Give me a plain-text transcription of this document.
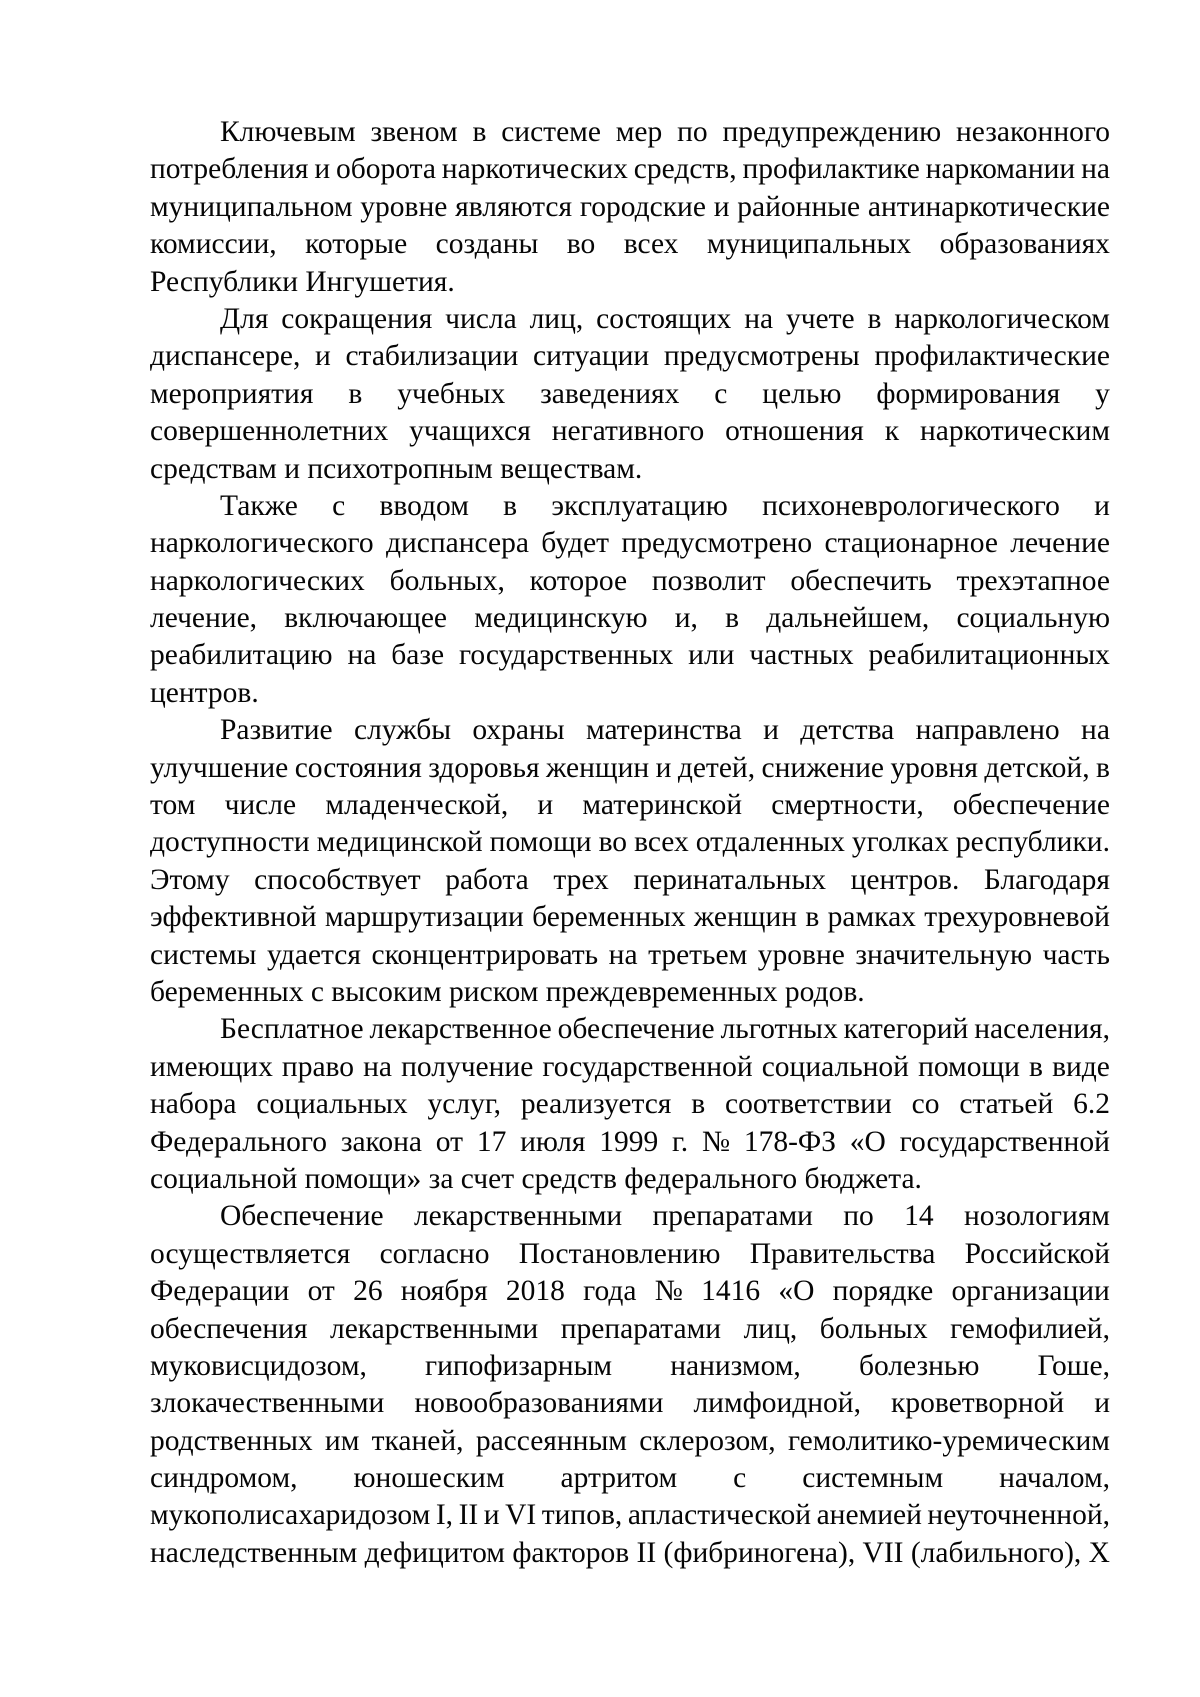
Ключевым звеном в системе мер по предупреждению незаконного
потребления и оборота наркотических средств, профилактике наркомании на
муниципальном уровне являются городские и районные антинаркотические
комиссии, которые созданы во всех муниципальных образованиях
Республики Ингушетия.
Для сокращения числа лиц, состоящих на учете в наркологическом
диспансере, и стабилизации ситуации предусмотрены профилактические
мероприятия в учебных заведениях с целью формирования у
совершеннолетних учащихся негативного отношения к наркотическим
средствам и психотропным веществам.
Также с вводом в эксплуатацию психоневрологического и
наркологического диспансера будет предусмотрено стационарное лечение
наркологических больных, которое позволит обеспечить трехэтапное
лечение, включающее медицинскую и, в дальнейшем, социальную
реабилитацию на базе государственных или частных реабилитационных
центров.
Развитие службы охраны материнства и детства направлено на
улучшение состояния здоровья женщин и детей, снижение уровня детской, в
том числе младенческой, и материнской смертности, обеспечение
доступности медицинской помощи во всех отдаленных уголках республики.
Этому способствует работа трех перинатальных центров. Благодаря
эффективной маршрутизации беременных женщин в рамках трехуровневой
системы удается сконцентрировать на третьем уровне значительную часть
беременных с высоким риском преждевременных родов.
Бесплатное лекарственное обеспечение льготных категорий населения,
имеющих право на получение государственной социальной помощи в виде
набора социальных услуг, реализуется в соответствии со статьей 6.2
Федерального закона от 17 июля 1999 г. № 178-ФЗ «О государственной
социальной помощи» за счет средств федерального бюджета.
Обеспечение лекарственными препаратами по 14 нозологиям
осуществляется согласно Постановлению Правительства Российской
Федерации от 26 ноября 2018 года № 1416 «О порядке организации
обеспечения лекарственными препаратами лиц, больных гемофилией,
муковисцидозом, гипофизарным нанизмом, болезнью Гоше,
злокачественными новообразованиями лимфоидной, кроветворной и
родственных им тканей, рассеянным склерозом, гемолитико-уремическим
синдромом, юношеским артритом с системным началом,
мукополисахаридозом I, II и VI типов, апластической анемией неуточненной,
наследственным дефицитом факторов II (фибриногена), VII (лабильного), X
